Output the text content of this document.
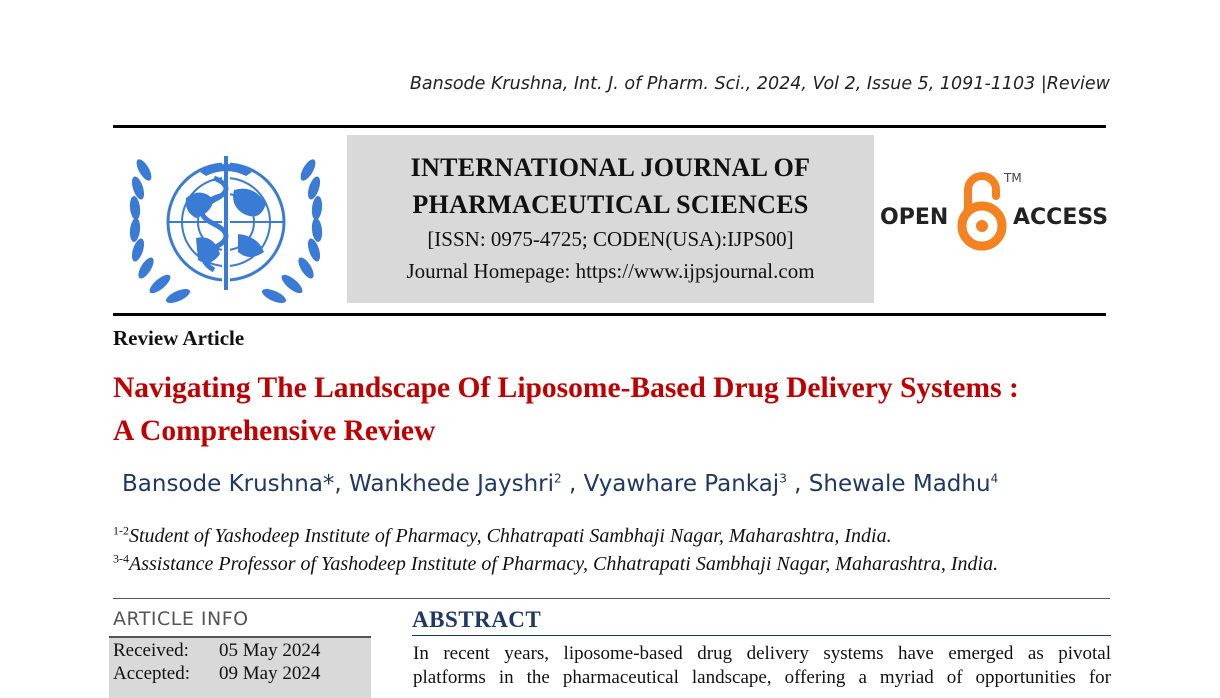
Bansode Krushna, Int. J. of Pharm. Sci., 2024, Vol 2, Issue 5, 1091-1103 |Review
INTERNATIONAL JOURNAL OF
PHARMACEUTICAL SCIENCES
[ISSN: 0975-4725; CODEN(USA):IJPS00]
Journal Homepage: https://www.ijpsjournal.com
OPEN	ACCESS
TM
Review Article
Navigating The Landscape Of Liposome-Based Drug Delivery Systems :
A Comprehensive Review
Bansode Krushna*, Wankhede Jayshri$^2$ , Vyawhare Pankaj$^3$ , Shewale Madhu$^4$
$^{1-2}$Student of Yashodeep Institute of Pharmacy, Chhatrapati Sambhaji Nagar, Maharashtra, India.
$^{3-4}$Assistance Professor of Yashodeep Institute of Pharmacy, Chhatrapati Sambhaji Nagar, Maharashtra, India.
ARTICLE INFO
Received: 05 May 2024
Accepted: 09 May 2024
ABSTRACT
In recent years, liposome-based drug delivery systems have emerged as pivotal
platforms in the pharmaceutical landscape, offering a myriad of opportunities for
